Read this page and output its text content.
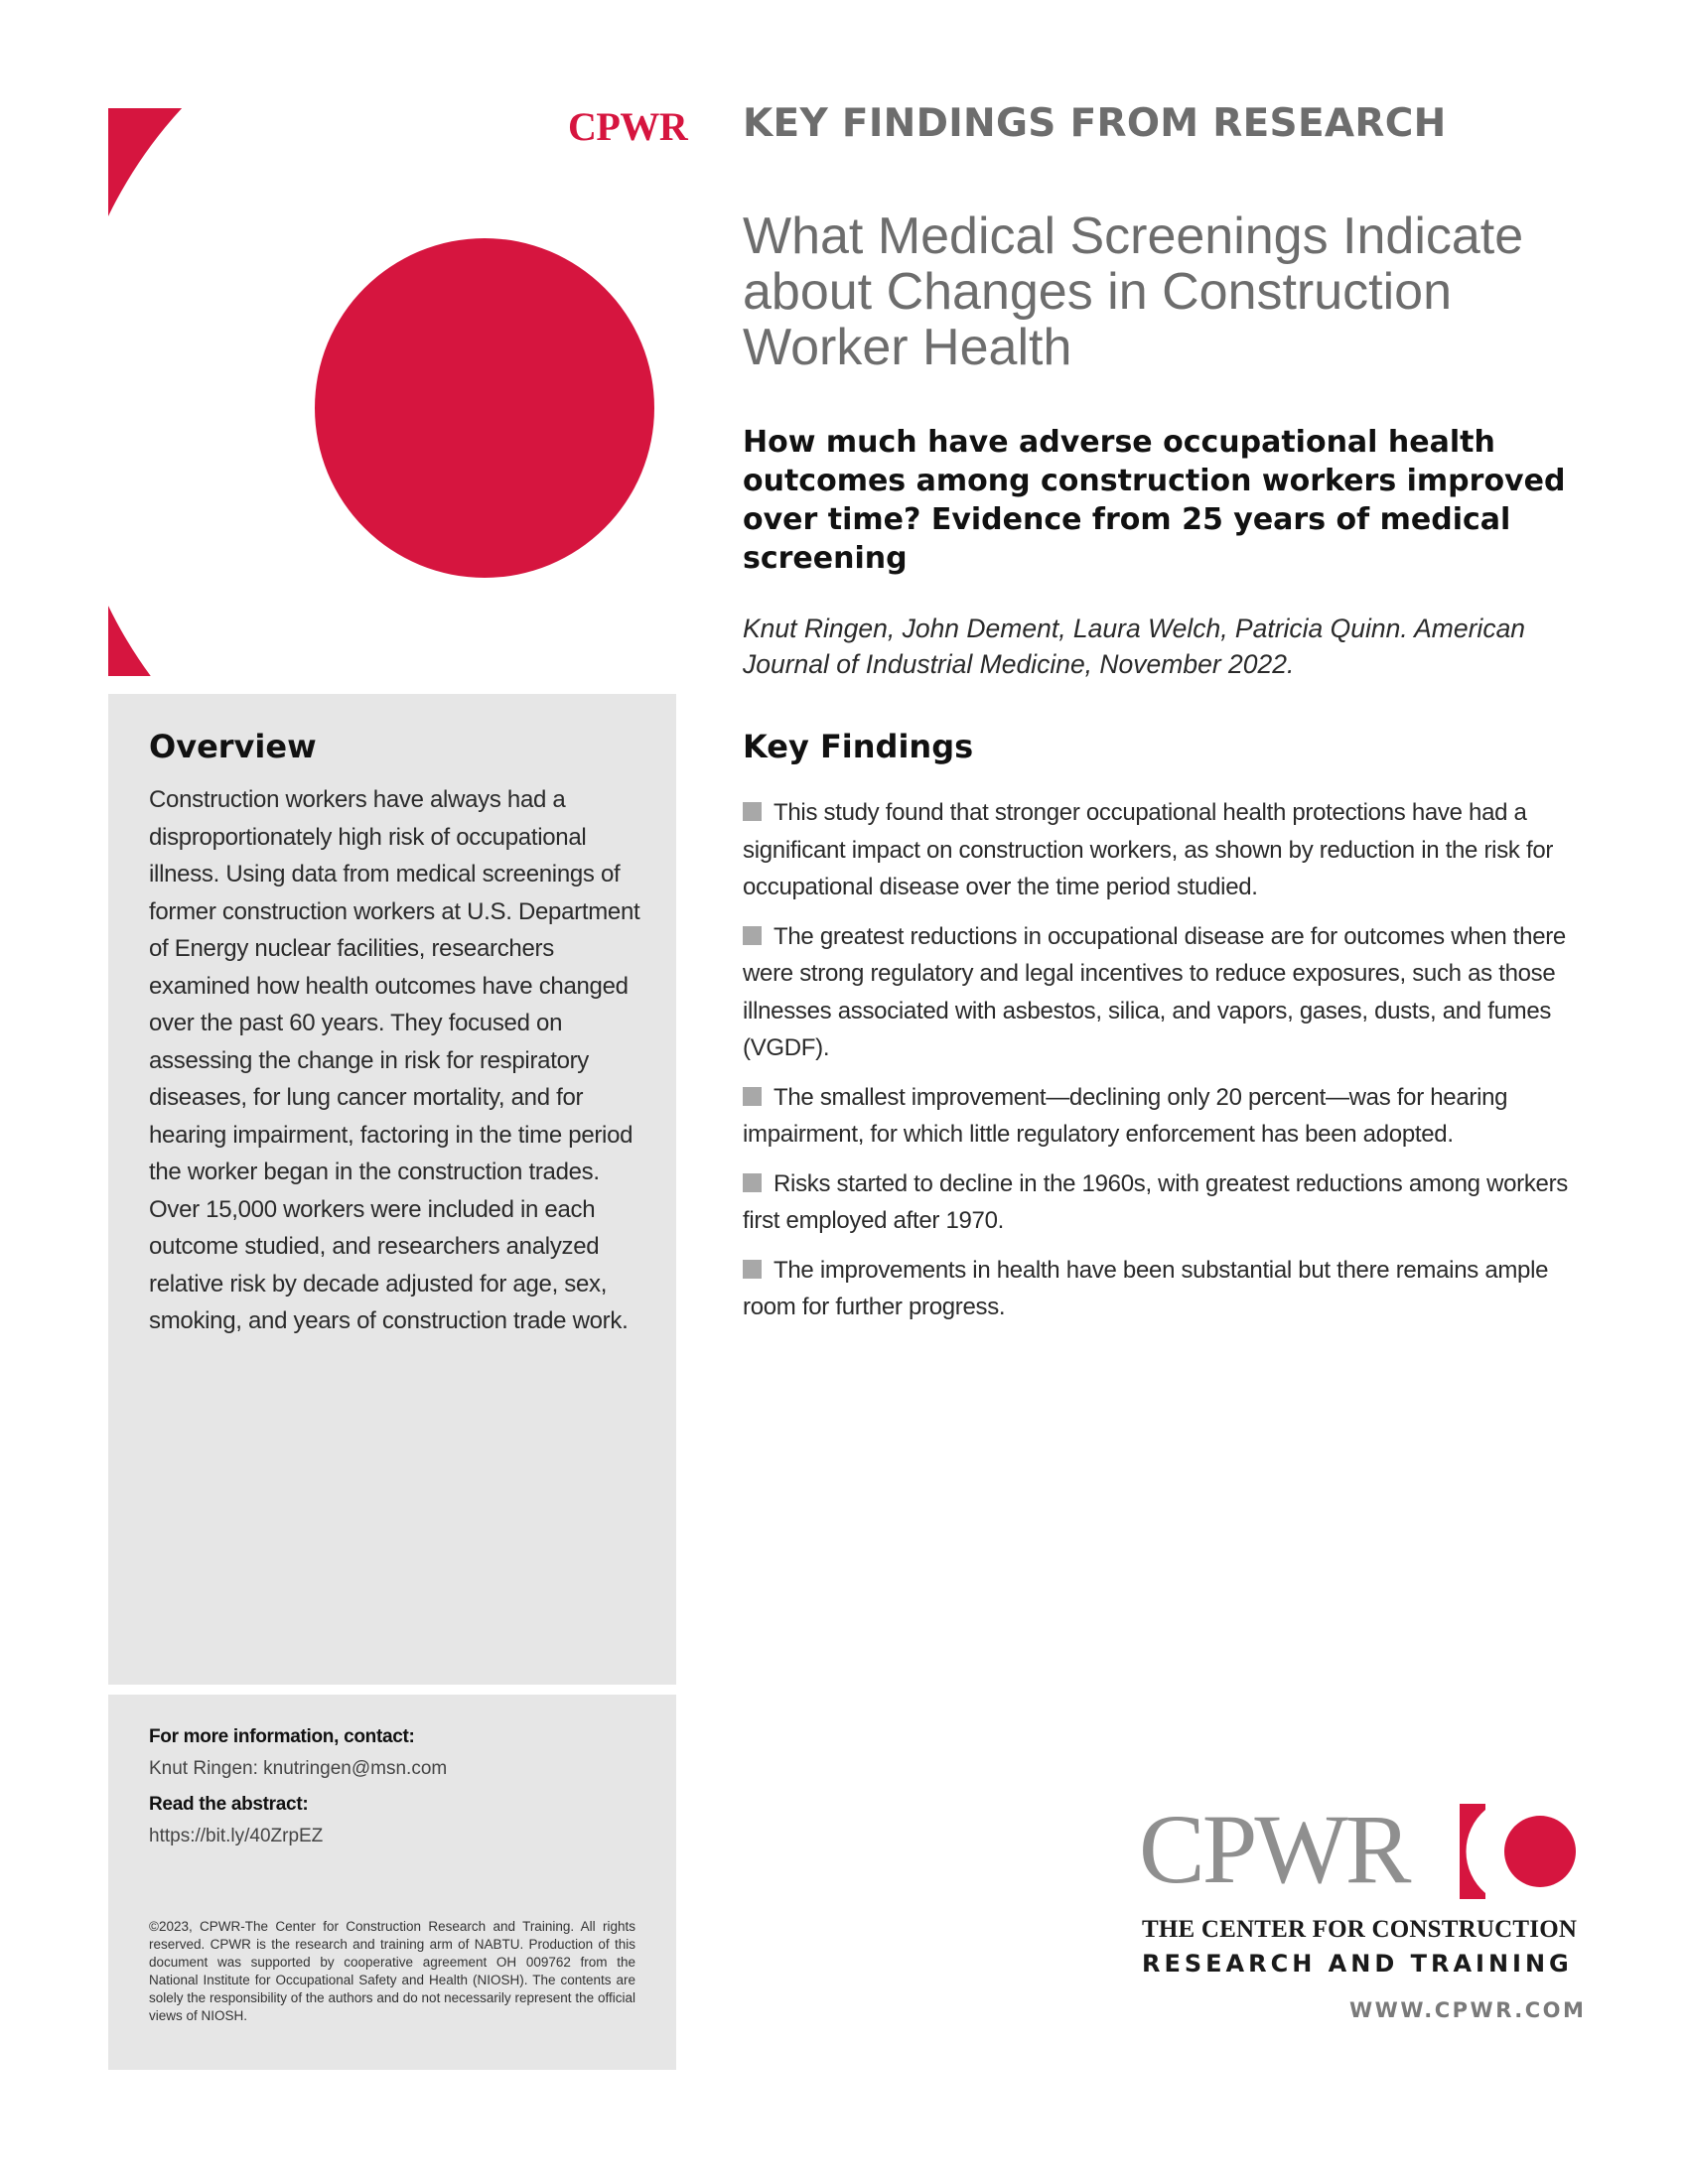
CPWR KEY FINDINGS FROM RESEARCH
What Medical Screenings Indicate about Changes in Construction Worker Health
How much have adverse occupational health outcomes among construction workers improved over time? Evidence from 25 years of medical screening
Knut Ringen, John Dement, Laura Welch, Patricia Quinn. American Journal of Industrial Medicine, November 2022.
Overview
Construction workers have always had a disproportionately high risk of occupational illness. Using data from medical screenings of former construction workers at U.S. Department of Energy nuclear facilities, researchers examined how health outcomes have changed over the past 60 years. They focused on assessing the change in risk for respiratory diseases, for lung cancer mortality, and for hearing impairment, factoring in the time period the worker began in the construction trades. Over 15,000 workers were included in each outcome studied, and researchers analyzed relative risk by decade adjusted for age, sex, smoking, and years of construction trade work.
Key Findings
This study found that stronger occupational health protections have had a significant impact on construction workers, as shown by reduction in the risk for occupational disease over the time period studied.
The greatest reductions in occupational disease are for outcomes when there were strong regulatory and legal incentives to reduce exposures, such as those illnesses associated with asbestos, silica, and vapors, gases, dusts, and fumes (VGDF).
The smallest improvement—declining only 20 percent—was for hearing impairment, for which little regulatory enforcement has been adopted.
Risks started to decline in the 1960s, with greatest reductions among workers first employed after 1970.
The improvements in health have been substantial but there remains ample room for further progress.
For more information, contact:
Knut Ringen: knutringen@msn.com
Read the abstract:
https://bit.ly/40ZrpEZ
©2023, CPWR-The Center for Construction Research and Training. All rights reserved. CPWR is the research and training arm of NABTU. Production of this document was supported by cooperative agreement OH 009762 from the National Institute for Occupational Safety and Health (NIOSH). The contents are solely the responsibility of the authors and do not necessarily represent the official views of NIOSH.
CPWR
THE CENTER FOR CONSTRUCTION
RESEARCH AND TRAINING
WWW.CPWR.COM
